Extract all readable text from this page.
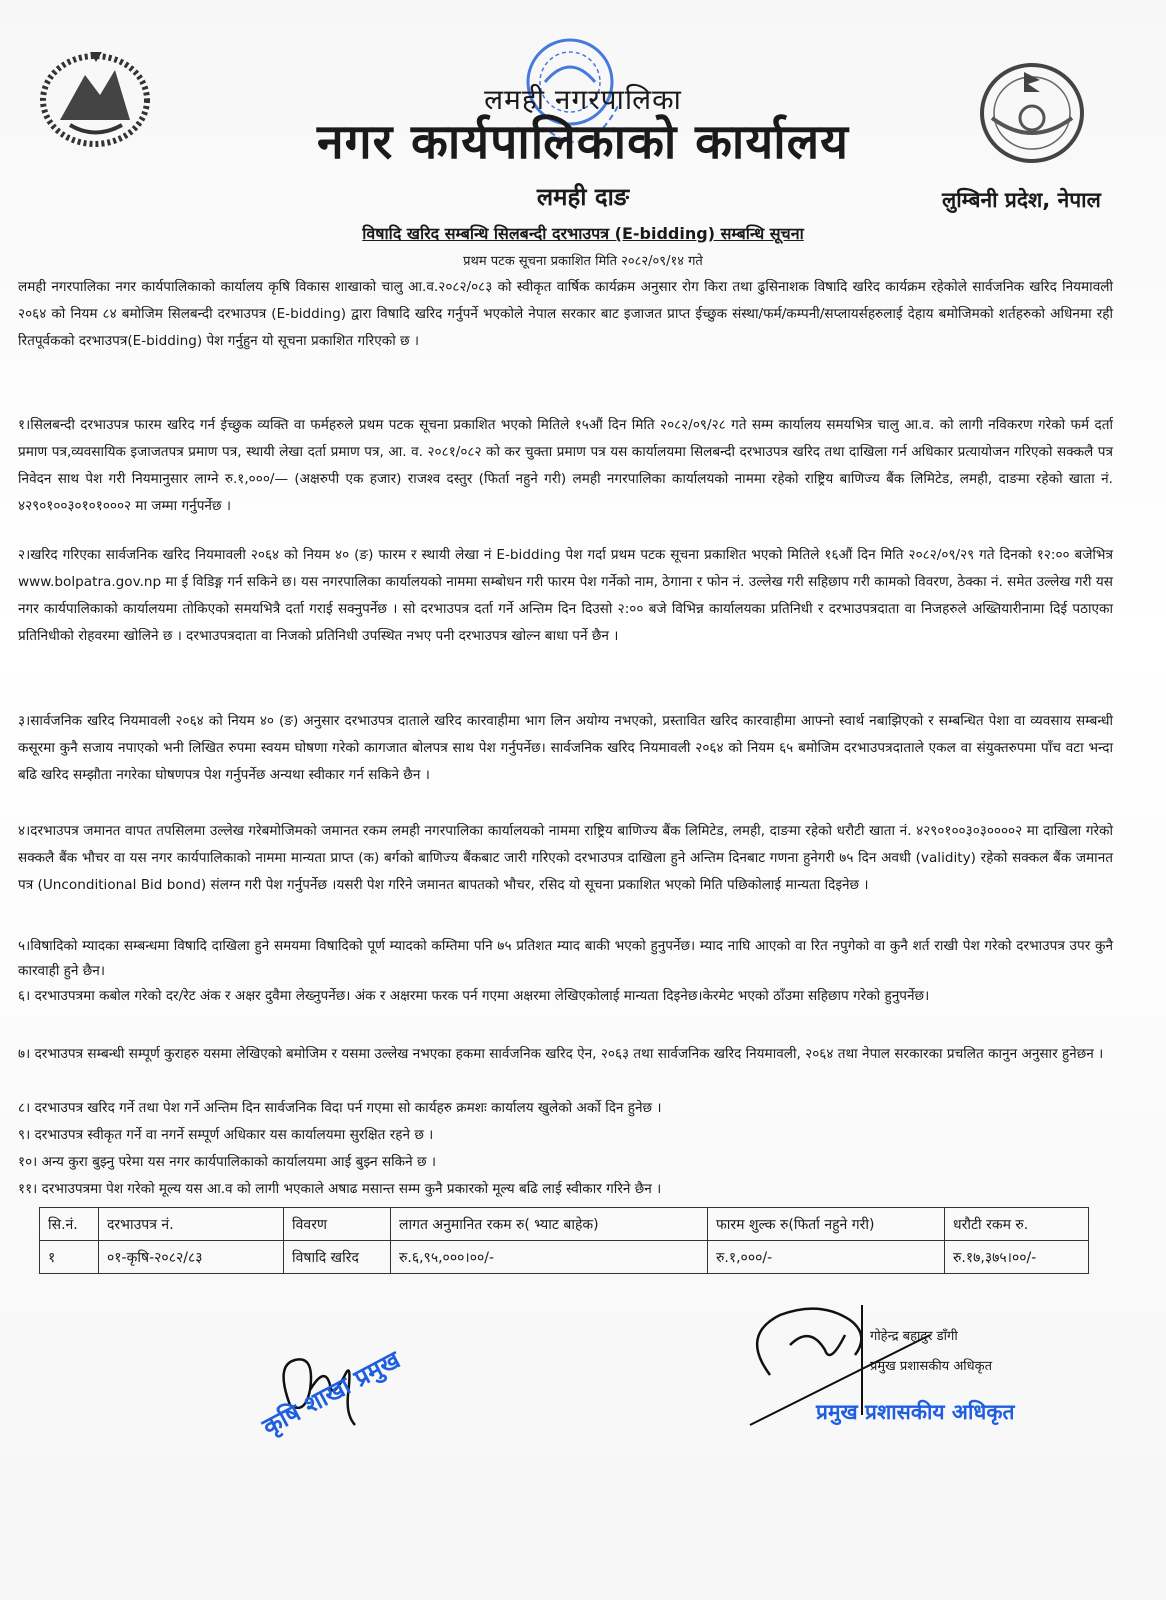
लमही नगरपालिका
नगर कार्यपालिकाको कार्यालय
लमही दाङ	लुम्बिनी प्रदेश, नेपाल
विषादि खरिद सम्बन्धि सिलबन्दी दरभाउपत्र (E-bidding) सम्बन्धि सूचना
प्रथम पटक सूचना प्रकाशित मिति २०८२/०९/१४ गते
लमही नगरपालिका नगर कार्यपालिकाको कार्यालय कृषि विकास शाखाको चालु आ.व.२०८२/०८३ को स्वीकृत वार्षिक कार्यक्रम अनुसार रोग किरा तथा ढुसिनाशक विषादि खरिद कार्यक्रम रहेकोले सार्वजनिक खरिद नियमावली २०६४ को नियम ८४ बमोजिम सिलबन्दी दरभाउपत्र (E-bidding) द्वारा विषादि खरिद गर्नुपर्ने भएकोले नेपाल सरकार बाट इजाजत प्राप्त ईच्छुक संस्था/फर्म/कम्पनी/सप्लायर्सहरुलाई देहाय बमोजिमको शर्तहरुको अधिनमा रही रितपूर्वकको दरभाउपत्र(E-bidding) पेश गर्नुहुन यो सूचना प्रकाशित गरिएको छ ।
१।सिलबन्दी दरभाउपत्र फारम खरिद गर्न ईच्छुक व्यक्ति वा फर्महरुले प्रथम पटक सूचना प्रकाशित भएको मितिले १५औं दिन मिति २०८२/०९/२८ गते सम्म कार्यालय समयभित्र चालु आ.व. को लागी नविकरण गरेको फर्म दर्ता प्रमाण पत्र,व्यवसायिक इजाजतपत्र प्रमाण पत्र, स्थायी लेखा दर्ता प्रमाण पत्र, आ. व. २०८१/०८२ को कर चुक्ता प्रमाण पत्र यस कार्यालयमा सिलबन्दी दरभाउपत्र खरिद तथा दाखिला गर्न अधिकार प्रत्यायोजन गरिएको सक्कलै पत्र निवेदन साथ पेश गरी नियमानुसार लाग्ने रु.१,०००/— (अक्षरुपी एक हजार) राजश्व दस्तुर (फिर्ता नहुने गरी) लमही नगरपालिका कार्यालयको नाममा रहेको राष्ट्रिय बाणिज्य बैंक लिमिटेड, लमही, दाङमा रहेको खाता नं. ४२९०१००३०१०१०००२ मा जम्मा गर्नुपर्नेछ ।
२।खरिद गरिएका सार्वजनिक खरिद नियमावली २०६४ को नियम ४० (ङ) फारम र स्थायी लेखा नं E-bidding पेश गर्दा प्रथम पटक सूचना प्रकाशित भएको मितिले १६औं दिन मिति २०८२/०९/२९ गते दिनको १२:०० बजेभित्र www.bolpatra.gov.np मा ई विडिङ्ग गर्न सकिने छ। यस नगरपालिका कार्यालयको नाममा सम्बोधन गरी फारम पेश गर्नेको नाम, ठेगाना र फोन नं. उल्लेख गरी सहिछाप गरी कामको विवरण, ठेक्का नं. समेत उल्लेख गरी यस नगर कार्यपालिकाको कार्यालयमा तोकिएको समयभित्रै दर्ता गराई सक्नुपर्नेछ । सो दरभाउपत्र दर्ता गर्ने अन्तिम दिन दिउसो २:०० बजे विभिन्न कार्यालयका प्रतिनिधी र दरभाउपत्रदाता वा निजहरुले अख्तियारीनामा दिई पठाएका प्रतिनिधीको रोहवरमा खोलिने छ । दरभाउपत्रदाता वा निजको प्रतिनिधी उपस्थित नभए पनी दरभाउपत्र खोल्न बाधा पर्ने छैन ।
३।सार्वजनिक खरिद नियमावली २०६४ को नियम ४० (ङ) अनुसार दरभाउपत्र दाताले खरिद कारवाहीमा भाग लिन अयोग्य नभएको, प्रस्तावित खरिद कारवाहीमा आफ्नो स्वार्थ नबाझिएको र सम्बन्धित पेशा वा व्यवसाय सम्बन्धी कसूरमा कुनै सजाय नपाएको भनी लिखित रुपमा स्वयम घोषणा गरेको कागजात बोलपत्र साथ पेश गर्नुपर्नेछ। सार्वजनिक खरिद नियमावली २०६४ को नियम ६५ बमोजिम दरभाउपत्रदाताले एकल वा संयुक्तरुपमा पाँच वटा भन्दा बढि खरिद सम्झौता नगरेका घोषणपत्र पेश गर्नुपर्नेछ अन्यथा स्वीकार गर्न सकिने छैन ।
४।दरभाउपत्र जमानत वापत तपसिलमा उल्लेख गरेबमोजिमको जमानत रकम लमही नगरपालिका कार्यालयको नाममा राष्ट्रिय बाणिज्य बैंक लिमिटेड, लमही, दाङमा रहेको धरौटी खाता नं. ४२९०१००३०३००००२ मा दाखिला गरेको सक्कलै बैंक भौचर वा यस नगर कार्यपालिकाको नाममा मान्यता प्राप्त (क) बर्गको बाणिज्य बैंकबाट जारी गरिएको दरभाउपत्र दाखिला हुने अन्तिम दिनबाट गणना हुनेगरी ७५ दिन अवधी (validity) रहेको सक्कल बैंक जमानत पत्र (Unconditional Bid bond) संलग्न गरी पेश गर्नुपर्नेछ ।यसरी पेश गरिने जमानत बापतको भौचर, रसिद यो सूचना प्रकाशित भएको मिति पछिकोलाई मान्यता दिइनेछ ।
५।विषादिको म्यादका सम्बन्धमा विषादि दाखिला हुने समयमा विषादिको पूर्ण म्यादको कम्तिमा पनि ७५ प्रतिशत म्याद बाकी भएको हुनुपर्नेछ। म्याद नाघि आएको वा रित नपुगेको वा कुनै शर्त राखी पेश गरेको दरभाउपत्र उपर कुनै कारवाही हुने छैन।
६। दरभाउपत्रमा कबोल गरेको दर/रेट अंक र अक्षर दुवैमा लेख्नुपर्नेछ। अंक र अक्षरमा फरक पर्न गएमा अक्षरमा लेखिएकोलाई मान्यता दिइनेछ।केरमेट भएको ठाँउमा सहिछाप गरेको हुनुपर्नेछ।
७। दरभाउपत्र सम्बन्धी सम्पूर्ण कुराहरु यसमा लेखिएको बमोजिम र यसमा उल्लेख नभएका हकमा सार्वजनिक खरिद ऐन, २०६३ तथा सार्वजनिक खरिद नियमावली, २०६४ तथा नेपाल सरकारका प्रचलित कानुन अनुसार हुनेछन ।
८। दरभाउपत्र खरिद गर्ने तथा पेश गर्ने अन्तिम दिन सार्वजनिक विदा पर्न गएमा सो कार्यहरु क्रमशः कार्यालय खुलेको अर्को दिन हुनेछ ।
९। दरभाउपत्र स्वीकृत गर्ने वा नगर्ने सम्पूर्ण अधिकार यस कार्यालयमा सुरक्षित रहने छ ।
१०। अन्य कुरा बुझ्नु परेमा यस नगर कार्यपालिकाको कार्यालयमा आई बुझ्न सकिने छ ।
११। दरभाउपत्रमा पेश गरेको मूल्य यस आ.व को लागी भएकाले अषाढ मसान्त सम्म कुनै प्रकारको मूल्य बढि लाई स्वीकार गरिने छैन ।
सि.नं.	दरभाउपत्र नं.	विवरण	लागत अनुमानित रकम रु( भ्याट बाहेक)	फारम शुल्क रु(फिर्ता नहुने गरी)	धरौटी रकम रु.
१	०१-कृषि-२०८२/८३	विषादि खरिद	रु.६,९५,०००।००/-	रु.१,०००/-	रु.१७,३७५।००/-
कृषि शाखा प्रमुख
गोहेन्द्र बहादुर डाँगी
प्रमुख प्रशासकीय अधिकृत
प्रमुख प्रशासकीय अधिकृत
